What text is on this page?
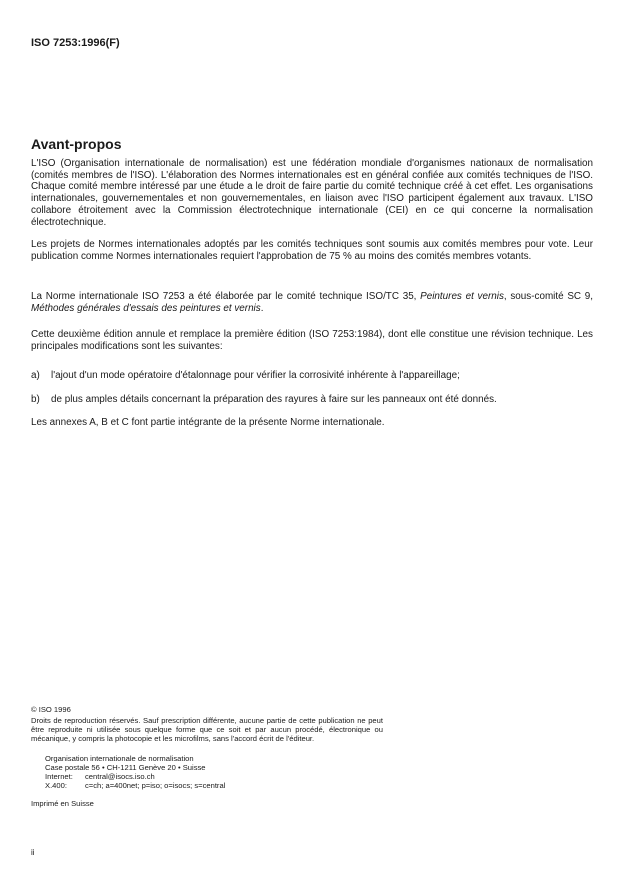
ISO 7253:1996(F)
Avant-propos
L'ISO (Organisation internationale de normalisation) est une fédération mondiale d'organismes nationaux de normalisation (comités membres de l'ISO). L'élaboration des Normes internationales est en général confiée aux comités techniques de l'ISO. Chaque comité membre intéressé par une étude a le droit de faire partie du comité technique créé à cet effet. Les organisations internationales, gouvernementales et non gouvernementales, en liaison avec l'ISO participent également aux travaux. L'ISO collabore étroitement avec la Commission électrotechnique internationale (CEI) en ce qui concerne la normalisation électrotechnique.
Les projets de Normes internationales adoptés par les comités techniques sont soumis aux comités membres pour vote. Leur publication comme Normes internationales requiert l'approbation de 75 % au moins des comités membres votants.
La Norme internationale ISO 7253 a été élaborée par le comité technique ISO/TC 35, Peintures et vernis, sous-comité SC 9, Méthodes générales d'essais des peintures et vernis.
Cette deuxième édition annule et remplace la première édition (ISO 7253:1984), dont elle constitue une révision technique. Les principales modifications sont les suivantes:
a) l'ajout d'un mode opératoire d'étalonnage pour vérifier la corrosivité inhérente à l'appareillage;
b) de plus amples détails concernant la préparation des rayures à faire sur les panneaux ont été donnés.
Les annexes A, B et C font partie intégrante de la présente Norme internationale.
© ISO 1996
Droits de reproduction réservés. Sauf prescription différente, aucune partie de cette publication ne peut être reproduite ni utilisée sous quelque forme que ce soit et par aucun procédé, électronique ou mécanique, y compris la photocopie et les microfilms, sans l'accord écrit de l'éditeur.
Organisation internationale de normalisation
Case postale 56 • CH-1211 Genève 20 • Suisse
Internet: central@isocs.iso.ch
X.400: c=ch; a=400net; p=iso; o=isocs; s=central
Imprimé en Suisse
ii
